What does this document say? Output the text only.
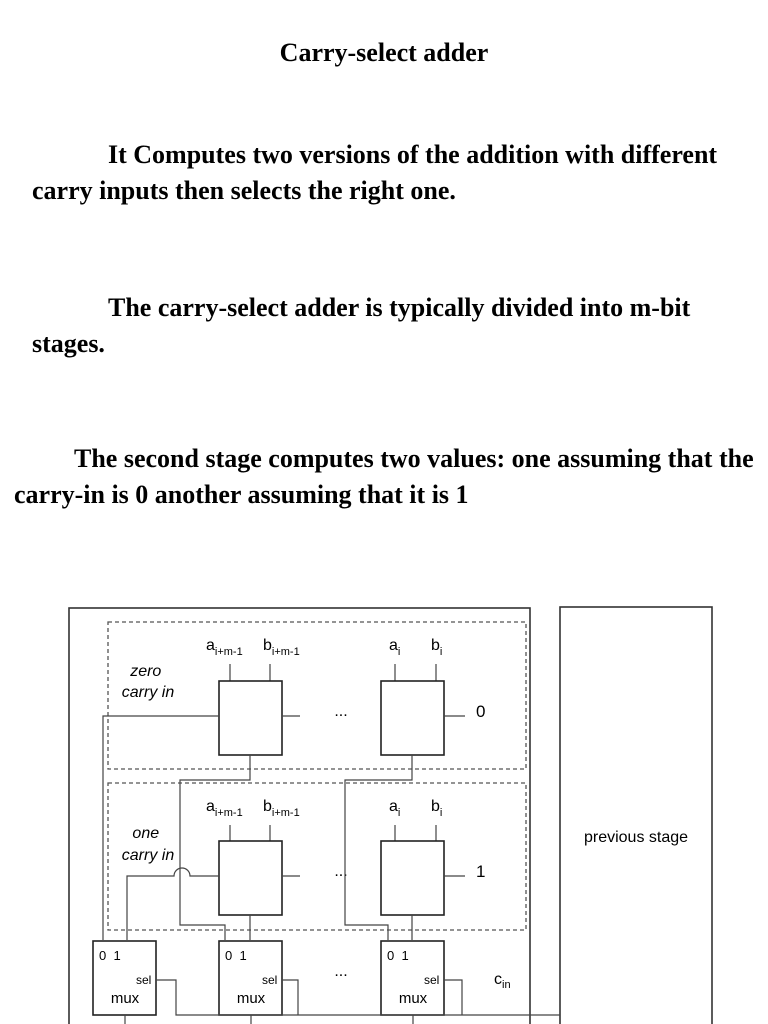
Carry-select adder

It Computes two versions of the addition with different carry inputs then selects the right one.

The carry-select adder is typically divided into m-bit stages.

The second stage computes two values: one assuming that the carry-in is 0 another assuming that it is 1

previous stage
zero carry in
one carry in
$a_{i+m-1}$ $b_{i+m-1}$	$a_i$ $b_i$
$a_{i+m-1}$ $b_{i+m-1}$	$a_i$ $b_i$
...
...
...
0
1
0  1	0  1	0  1
sel	sel	sel
mux	mux	mux
$c_{in}$
